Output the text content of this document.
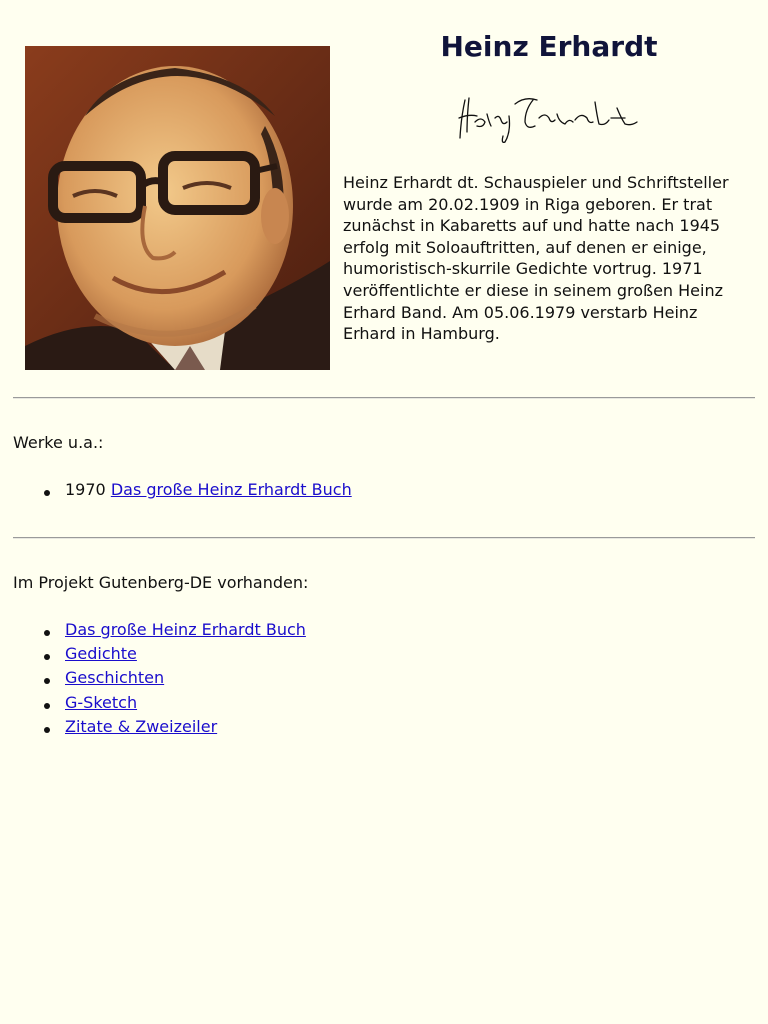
Heinz Erhardt

Heinz Erhardt dt. Schauspieler und Schriftsteller wurde am 20.02.1909 in Riga geboren. Er trat zunächst in Kabaretts auf und hatte nach 1945 erfolg mit Soloauftritten, auf denen er einige, humoristisch-skurrile Gedichte vortrug. 1971 veröffentlichte er diese in seinem großen Heinz Erhard Band. Am 05.06.1979 verstarb Heinz Erhard in Hamburg.

Werke u.a.:

1970 Das große Heinz Erhardt Buch

Im Projekt Gutenberg-DE vorhanden:

Das große Heinz Erhardt Buch
Gedichte
Geschichten
G-Sketch
Zitate & Zweizeiler
